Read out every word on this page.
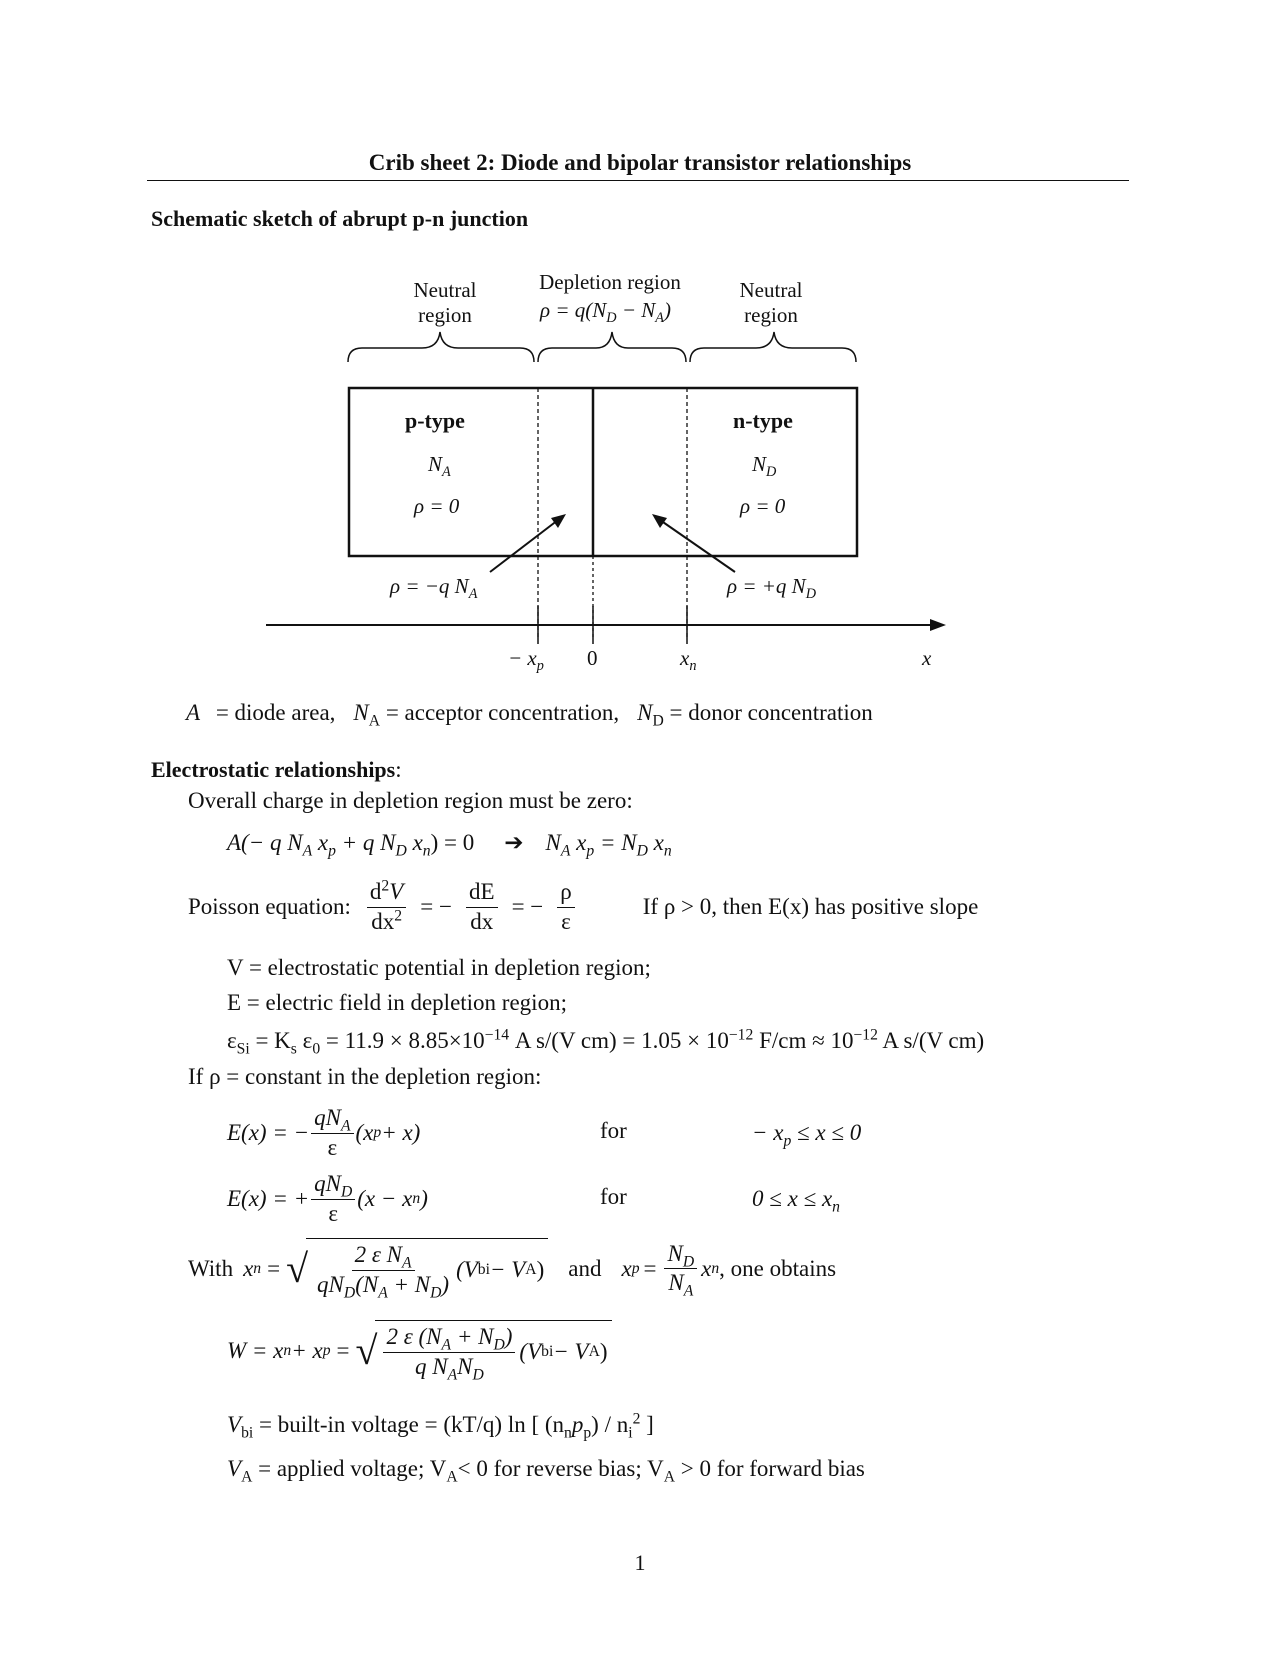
Crib sheet 2: Diode and bipolar transistor relationships
Schematic sketch of abrupt p-n junction
Neutral
region
Depletion region
$\rho = q(N_D - N_A)$
Neutral
region
p-type
$N_A$
ρ = 0
n-type
$N_D$
ρ = 0
ρ = −q $N_A$	ρ = +q $N_D$
− $x_p$ 0	$x_n$	x
A = diode area, $N_A$ = acceptor concentration, $N_D$ = donor concentration
Electrostatic relationships:
Overall charge in depletion region must be zero:
A(− q $N_A$ $x_p + q$ $N_D$ $x_n) = 0$ ➔ $N_A$ $x_p = N_D$ $x_n$
Poisson equation: $\frac{d^2V}{dx^2}$ = − $\frac{dE}{dx}$ = − $\frac{\rho}{\varepsilon}$	If ρ > 0, then E(x) has positive slope
V = electrostatic potential in depletion region;
E = electric field in depletion region;
$\varepsilon_{Si} = K_s$ $\varepsilon_0 = 11.9 \times 8.85\times 10^{-14}$ A s/(V $cm) = 1.05 \times 10^{-12}$ $F/cm \approx 10^{-12}$ A s/(V cm)
If ρ = constant in the depletion region:
E(x) = − $\frac{qN_A}{\varepsilon} (x$ p + x)	for	− $x_p \le x \le 0$
E(x) = + $\frac{qN_D}{\varepsilon} (x - x$ n )	for	$0 \le x \le x_n$
With x n = √ $\frac{2 \varepsilon N_A}{qN_D(N_A + N_D)} (V$ bi − V A ) and x $p = \frac{N_D}{N_A}$ x n , one obtains
W = x n + x p = √ $\frac{2 \varepsilon (N_A + N_D)}{q N_AN_D} (V$ bi − V A )
$V_{bi}$ = built-in voltage = (kT/q) ln [ $(n_np_p) / n_i^2$ ]
$V_A$ = applied voltage; $V_A< 0$ for reverse bias; $V_A > 0$ for forward bias
1
